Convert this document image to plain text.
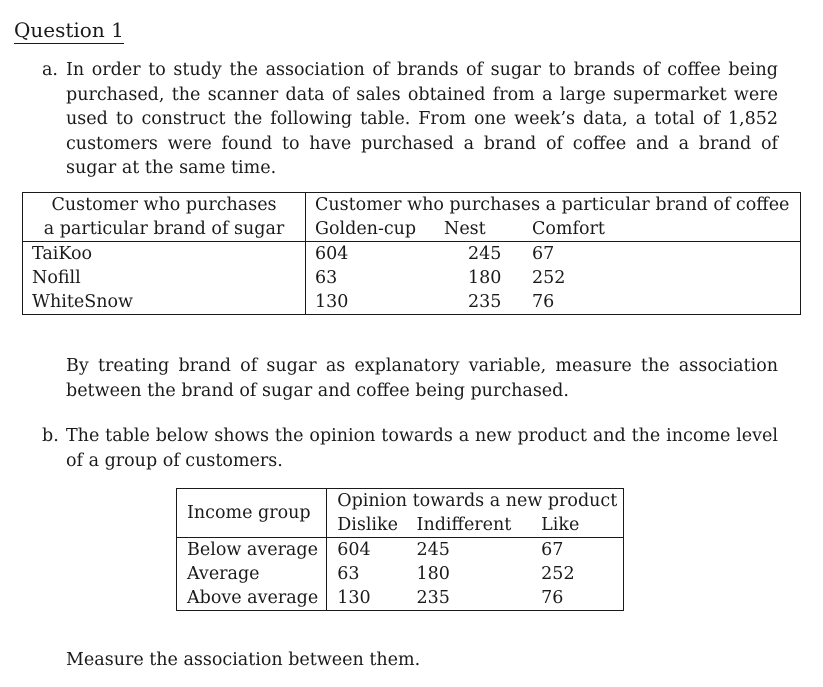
Question 1

a. In order to study the association of brands of sugar to brands of coffee being purchased, the scanner data of sales obtained from a large supermarket were used to construct the following table. From one week’s data, a total of 1,852 customers were found to have purchased a brand of coffee and a brand of sugar at the same time.

Customer who purchases	Customer who purchases a particular brand of coffee		
a particular brand of sugar	Golden-cup	Nest	Comfort
TaiKoo	604	245	67
Nofill	63	180	252
WhiteSnow	130	235	76

By treating brand of sugar as explanatory variable, measure the association between the brand of sugar and coffee being purchased.

b. The table below shows the opinion towards a new product and the income level of a group of customers.

Income group	Opinion towards a new product		
	Dislike	Indifferent	Like
Below average	604	245	67
Average	63	180	252
Above average	130	235	76

Measure the association between them.
